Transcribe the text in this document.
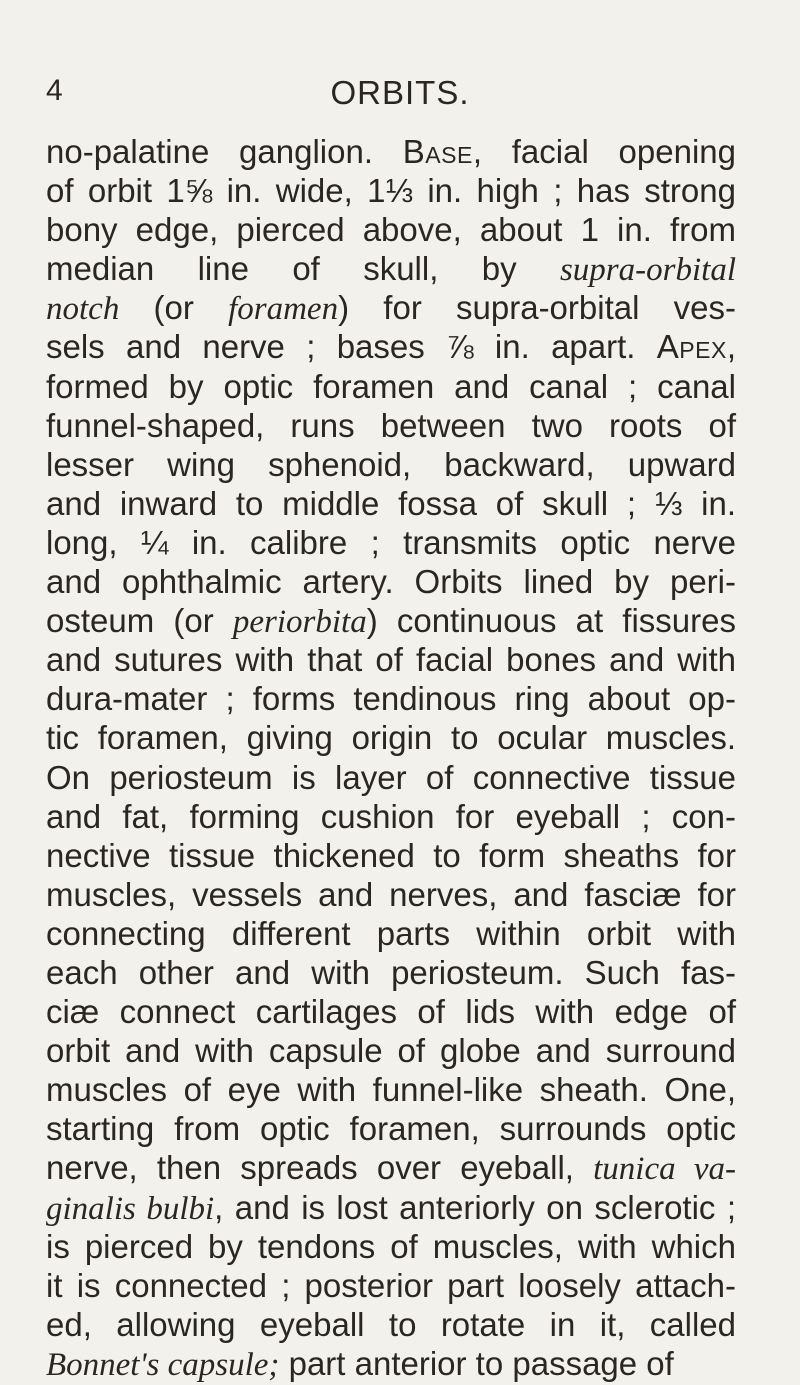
4	ORBITS.
no-palatine ganglion. Base, facial opening
of orbit 1⅝ in. wide, 1⅓ in. high ; has strong
bony edge, pierced above, about 1 in. from
median line of skull, by supra-orbital
notch (or foramen) for supra-orbital ves-
sels and nerve ; bases ⅞ in. apart. Apex,
formed by optic foramen and canal ; canal
funnel-shaped, runs between two roots of
lesser wing sphenoid, backward, upward
and inward to middle fossa of skull ; ⅓ in.
long, ¼ in. calibre ; transmits optic nerve
and ophthalmic artery. Orbits lined by peri-
osteum (or periorbita) continuous at fissures
and sutures with that of facial bones and with
dura-mater ; forms tendinous ring about op-
tic foramen, giving origin to ocular muscles.
On periosteum is layer of connective tissue
and fat, forming cushion for eyeball ; con-
nective tissue thickened to form sheaths for
muscles, vessels and nerves, and fasciæ for
connecting different parts within orbit with
each other and with periosteum. Such fas-
ciæ connect cartilages of lids with edge of
orbit and with capsule of globe and surround
muscles of eye with funnel-like sheath. One,
starting from optic foramen, surrounds optic
nerve, then spreads over eyeball, tunica va-
ginalis bulbi, and is lost anteriorly on sclerotic ;
is pierced by tendons of muscles, with which
it is connected ; posterior part loosely attach-
ed, allowing eyeball to rotate in it, called
Bonnet's capsule; part anterior to passage of
